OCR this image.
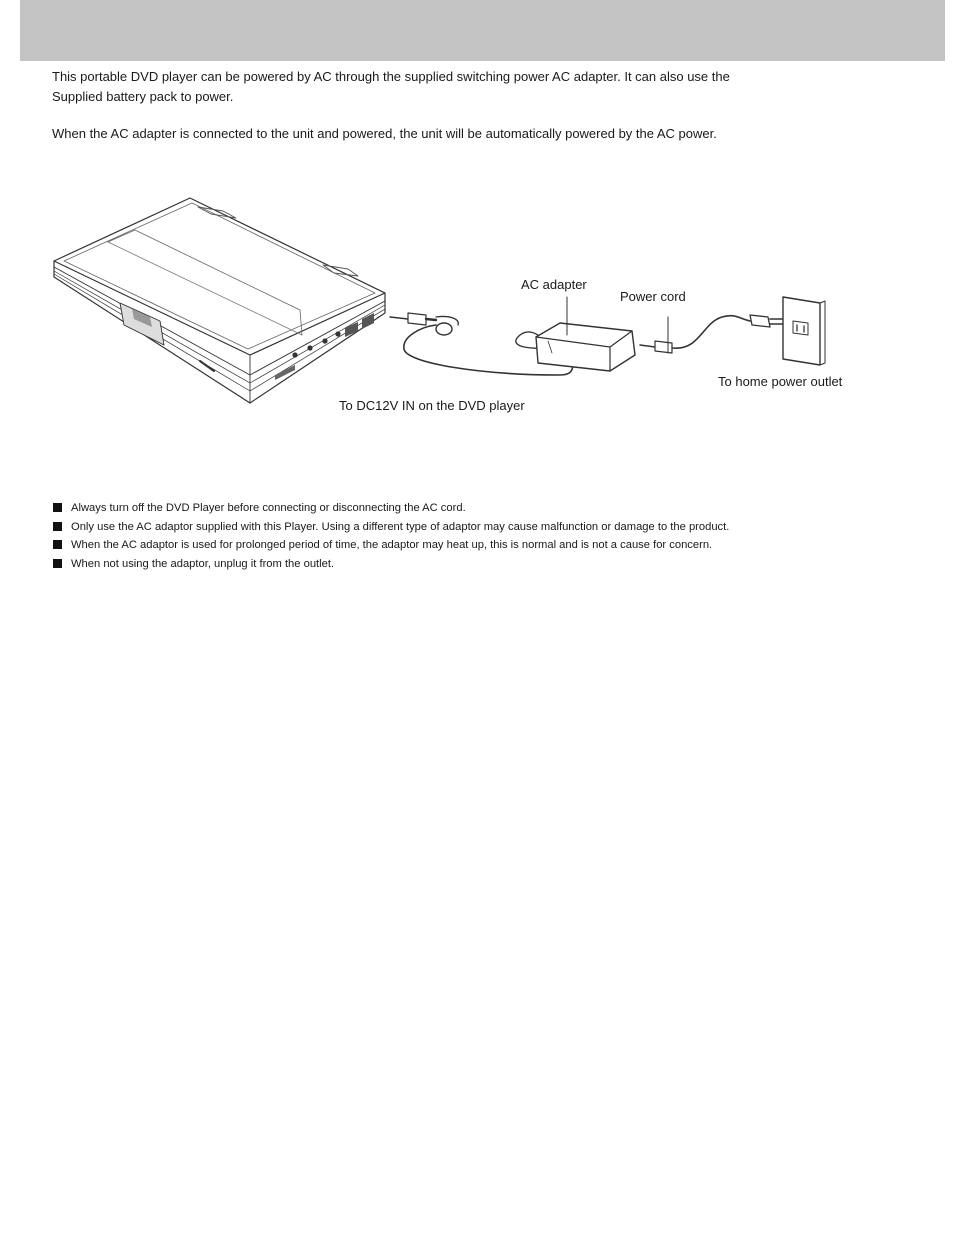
This portable DVD player can be powered by AC through the supplied switching power AC adapter. It can also use the
Supplied battery pack to power.

When the AC adapter is connected to the unit and powered, the unit will be automatically powered by the AC power.

AC adapter
Power cord
To home power outlet
To DC12V IN on the DVD player
Always turn off the DVD Player before connecting or disconnecting the AC cord.
Only use the AC adaptor supplied with this Player. Using a different type of adaptor may cause malfunction or damage to the product.
When the AC adaptor is used for prolonged period of time, the adaptor may heat up, this is normal and is not a cause for concern.
When not using the adaptor, unplug it from the outlet.
